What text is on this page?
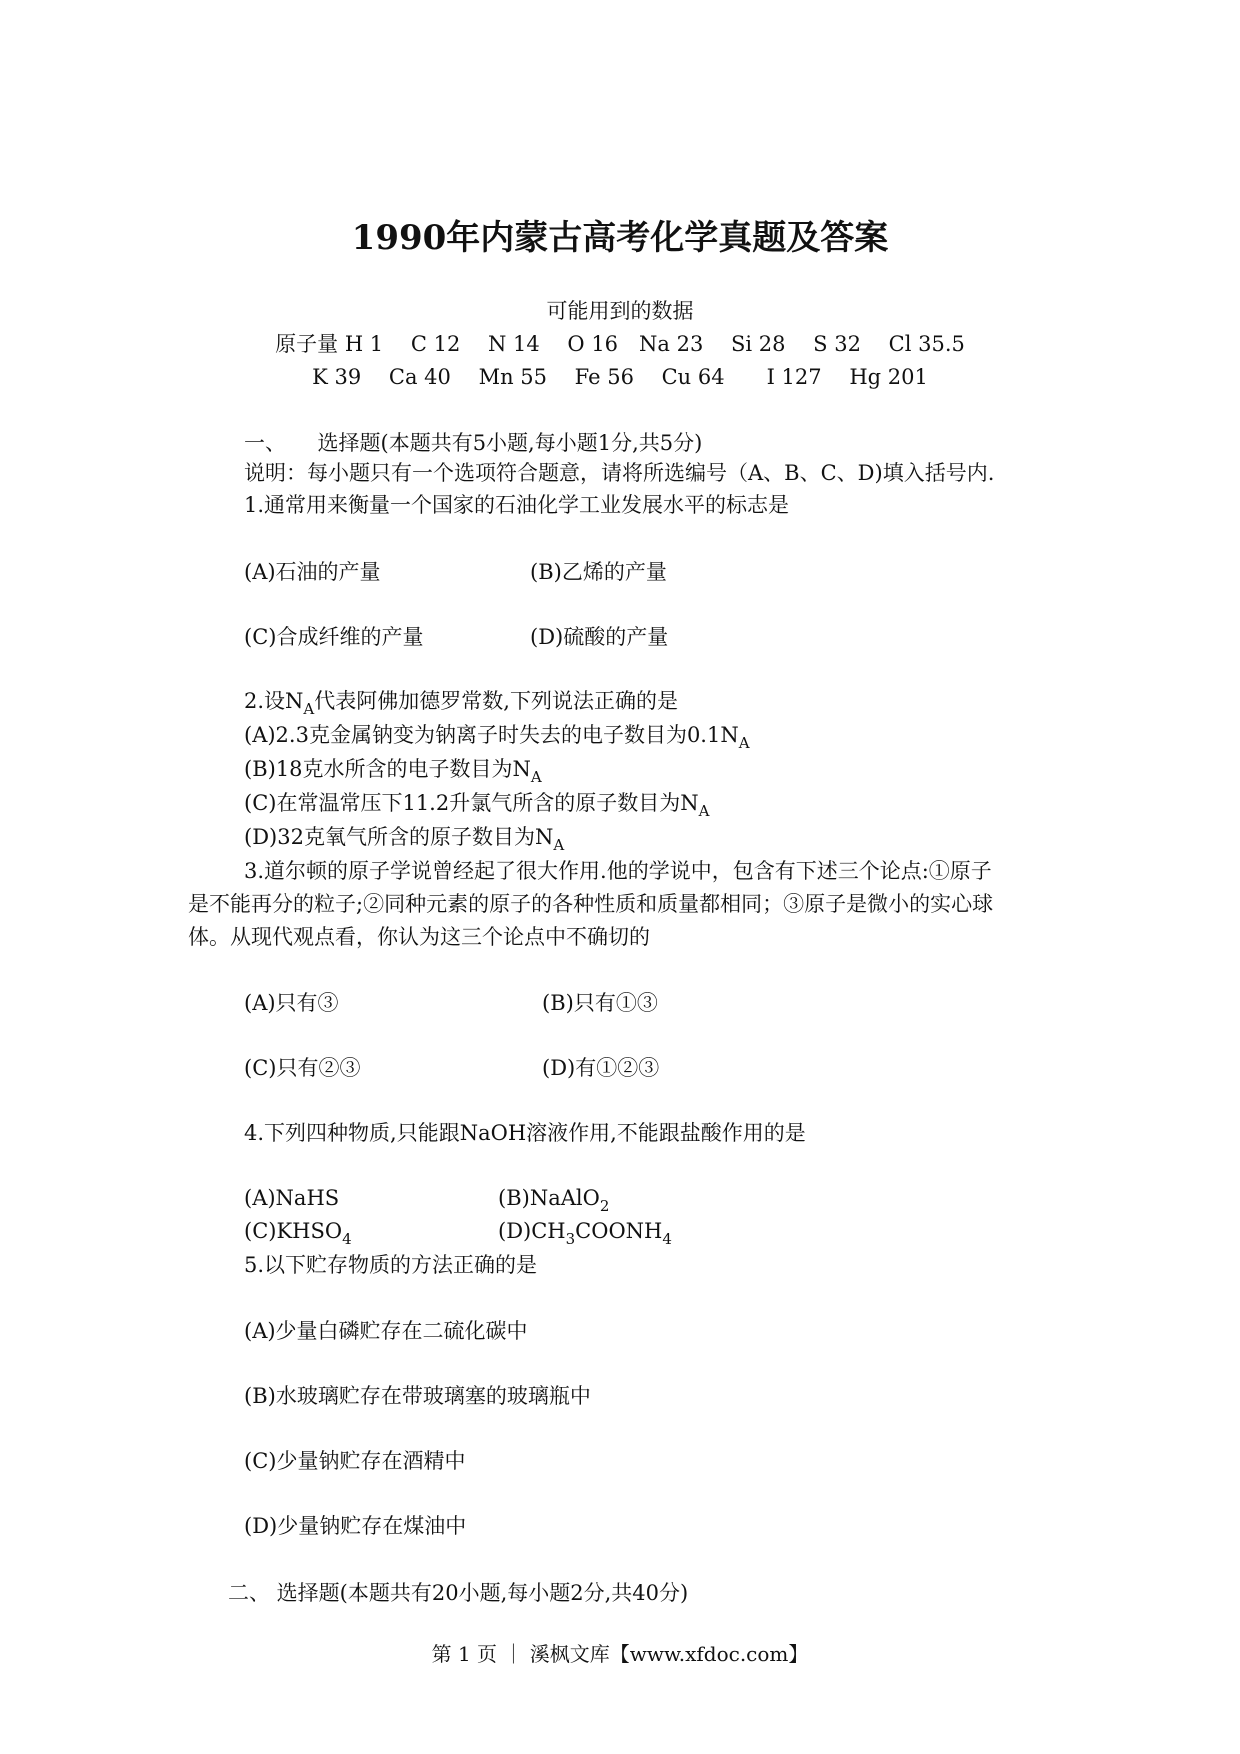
1990年内蒙古高考化学真题及答案
可能用到的数据
原子量 H 1　 C 12　 N 14　 O 16　Na 23　 Si 28　 S 32　 Cl 35.5
K 39　 Ca 40　 Mn 55　 Fe 56　 Cu 64　　I 127　 Hg 201
一、　　选择题(本题共有5小题,每小题1分,共5分)
说明：每小题只有一个选项符合题意，请将所选编号（A、B、C、D)填入括号内.
1.通常用来衡量一个国家的石油化学工业发展水平的标志是
(A)石油的产量	(B)乙烯的产量
(C)合成纤维的产量	(D)硫酸的产量
2.设$N_A$代表阿佛加德罗常数,下列说法正确的是
(A)2.3克金属钠变为钠离子时失去的电子数目为$0.1N_A$
(B)18克水所含的电子数目为$N_A$
(C)在常温常压下11.2升氯气所含的原子数目为$N_A$
(D)32克氧气所含的原子数目为$N_A$
3.道尔顿的原子学说曾经起了很大作用.他的学说中，包含有下述三个论点:①原子
是不能再分的粒子;②同种元素的原子的各种性质和质量都相同；③原子是微小的实心球
体。从现代观点看，你认为这三个论点中不确切的
(A)只有③	(B)只有①③
(C)只有②③	(D)有①②③
4.下列四种物质,只能跟NaOH溶液作用,不能跟盐酸作用的是
(A)NaHS	(B)NaAlO$_2$
$(C)KHSO_4$	$(D)CH_3COONH_4$
5.以下贮存物质的方法正确的是
(A)少量白磷贮存在二硫化碳中
(B)水玻璃贮存在带玻璃塞的玻璃瓶中
(C)少量钠贮存在酒精中
(D)少量钠贮存在煤油中
二、 选择题(本题共有20小题,每小题2分,共40分)
第 1 页 ｜ 溪枫文库【www.xfdoc.com】
